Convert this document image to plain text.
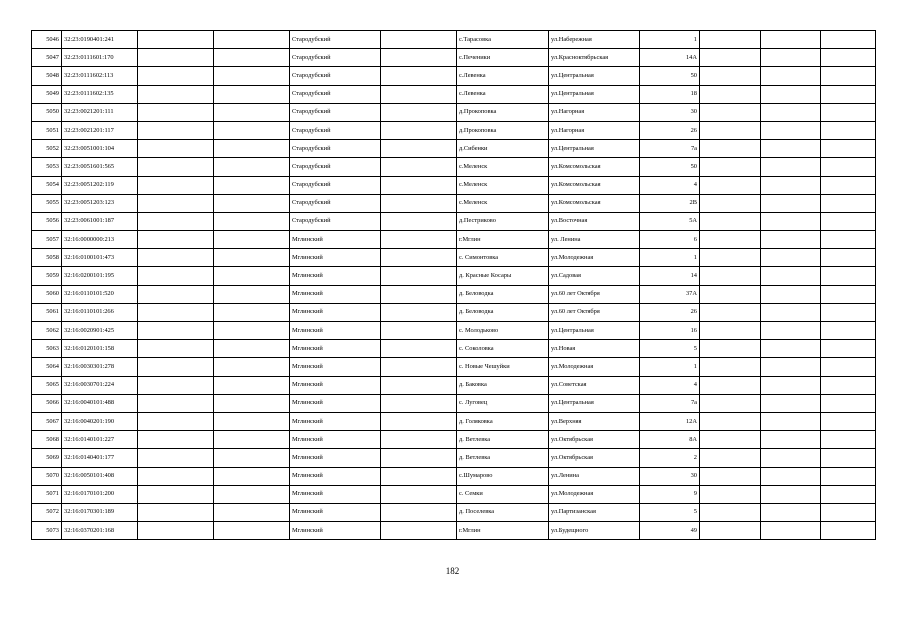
5046	32:23:0190401:241			Стародубский		с.Тарасовка	ул.Набережная	1			
5047	32:23:0111601:170			Стародубский		с.Печеники	ул.Красноктябрьская	14А			
5048	32:23:0111602:113			Стародубский		с.Левенка	ул.Центральная	50			
5049	32:23:0111602:135			Стародубский		с.Левенка	ул.Центральная	18			
5050	32:23:0021201:111			Стародубский		д.Прокоповка	ул.Нагорная	30			
5051	32:23:0021201:117			Стародубский		д.Прокоповка	ул.Нагорная	26			
5052	32:23:0051001:104			Стародубский		д.Сибенки	ул.Центральная	7а			
5053	32:23:0051601:565			Стародубский		с.Меленск	ул.Комсомольская	50			
5054	32:23:0051202:119			Стародубский		с.Меленск	ул.Комсомольская	4			
5055	32:23:0051203:123			Стародубский		с.Меленск	ул.Комсомольская	2В			
5056	32:23:0061001:187			Стародубский		д.Пестриково	ул.Восточная	5А			
5057	32:16:0000000:213			Мглинский		г.Мглин	ул. Ленина	6			
5058	32:16:0100101:473			Мглинский		с. Симонтовка	ул.Молодежная	1			
5059	32:16:0200101:195			Мглинский		д. Красные Косары	ул.Садовая	14			
5060	32:16:0110101:520			Мглинский		д. Беловодка	ул.60 лет Октября	37А			
5061	32:16:0110101:266			Мглинский		д. Беловодка	ул.60 лет Октября	26			
5062	32:16:0020901:425			Мглинский		с. Молодьково	ул.Центральная	16			
5063	32:16:0120101:158			Мглинский		с. Соколовка	ул.Новая	5			
5064	32:16:0030301:278			Мглинский		с. Новые Чешуйки	ул.Молодежная	1			
5065	32:16:0030701:224			Мглинский		д. Баковка	ул.Советская	4			
5066	32:16:0040101:488			Мглинский		с. Луговец	ул.Центральная	7а			
5067	32:16:0040201:190			Мглинский		д. Голяковка	ул.Верхняя	12А			
5068	32:16:0140101:227			Мглинский		д. Ветлевка	ул.Октябрьская	8А			
5069	32:16:0140401:177			Мглинский		д. Ветлевка	ул.Октябрьская	2			
5070	32:16:0050101:408			Мглинский		с.Шумарово	ул.Ленина	30			
5071	32:16:0170101:200			Мглинский		с. Семки	ул.Молодежная	9			
5072	32:16:0170301:189			Мглинский		д. Поселевка	ул.Партизанская	5			
5073	32:16:0370201:168			Мглинский		г.Мглин	ул.Будещного	49			
182
